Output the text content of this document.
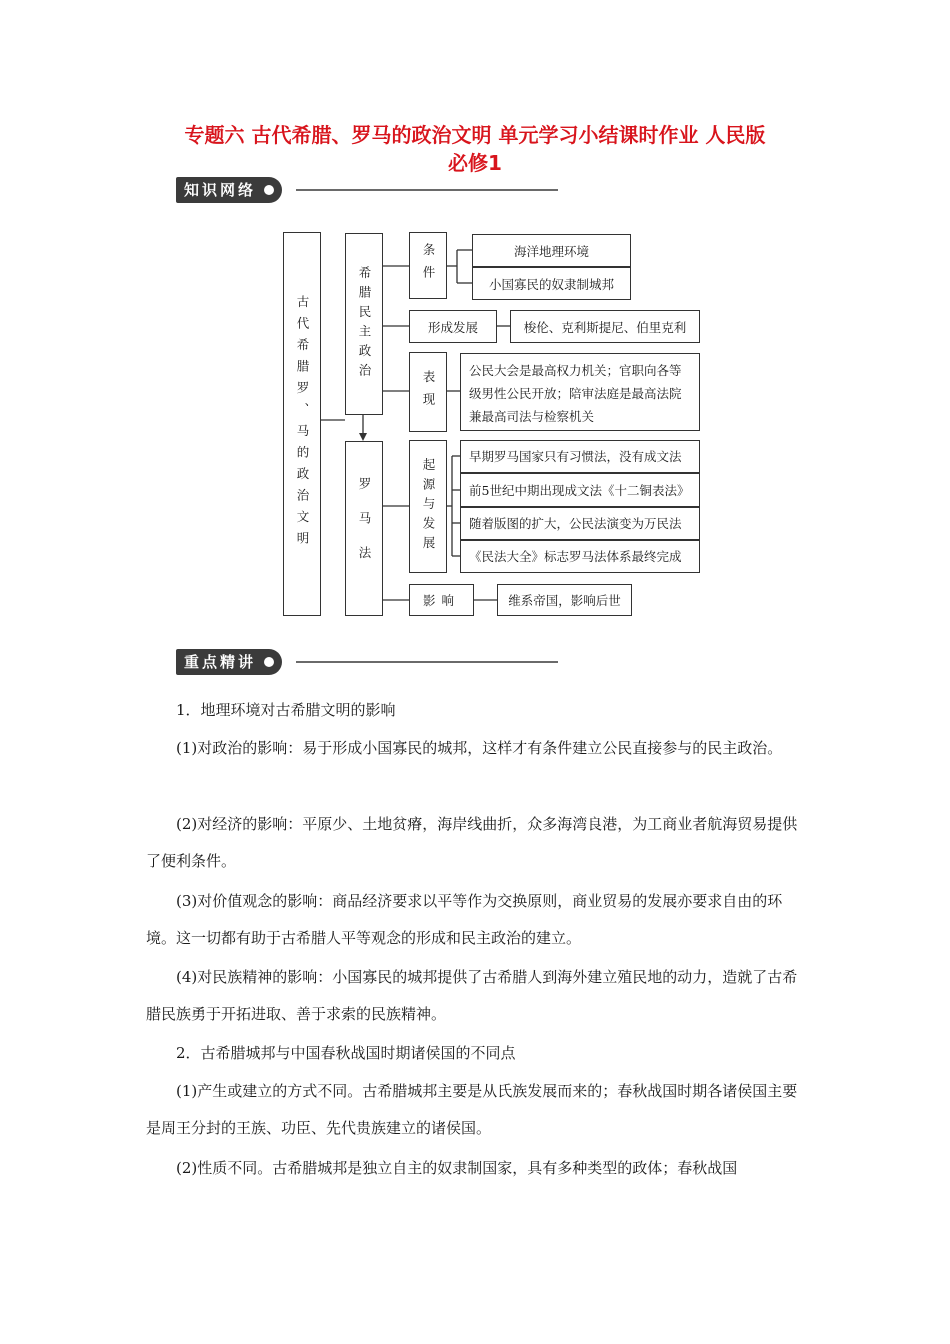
专题六 古代希腊、罗马的政治文明 单元学习小结课时作业 人民版
必修1
知识网络
古代希腊罗、马的政治文明	希腊民主政治	条件	海洋地理环境
小国寡民的奴隶制城邦
形成发展	梭伦、克利斯提尼、伯里克利
表现	公民大会是最高权力机关；官职向各等
级男性公民开放；陪审法庭是最高法院
兼最高司法与检察机关
罗马法	起源与发展
早期罗马国家只有习惯法，没有成文法
前5世纪中期出现成文法《十二铜表法》
随着版图的扩大，公民法演变为万民法
《民法大全》标志罗马法体系最终完成
影响	维系帝国，影响后世
重点精讲

1．地理环境对古希腊文明的影响

(1)对政治的影响：易于形成小国寡民的城邦，这样才有条件建立公民直接参与的民主政治。

(2)对经济的影响：平原少、土地贫瘠，海岸线曲折，众多海湾良港，为工商业者航海贸易提供了便利条件。

(3)对价值观念的影响：商品经济要求以平等作为交换原则，商业贸易的发展亦要求自由的环境。这一切都有助于古希腊人平等观念的形成和民主政治的建立。

(4)对民族精神的影响：小国寡民的城邦提供了古希腊人到海外建立殖民地的动力，造就了古希腊民族勇于开拓进取、善于求索的民族精神。

2．古希腊城邦与中国春秋战国时期诸侯国的不同点

(1)产生或建立的方式不同。古希腊城邦主要是从氏族发展而来的；春秋战国时期各诸侯国主要是周王分封的王族、功臣、先代贵族建立的诸侯国。

(2)性质不同。古希腊城邦是独立自主的奴隶制国家，具有多种类型的政体；春秋战国
